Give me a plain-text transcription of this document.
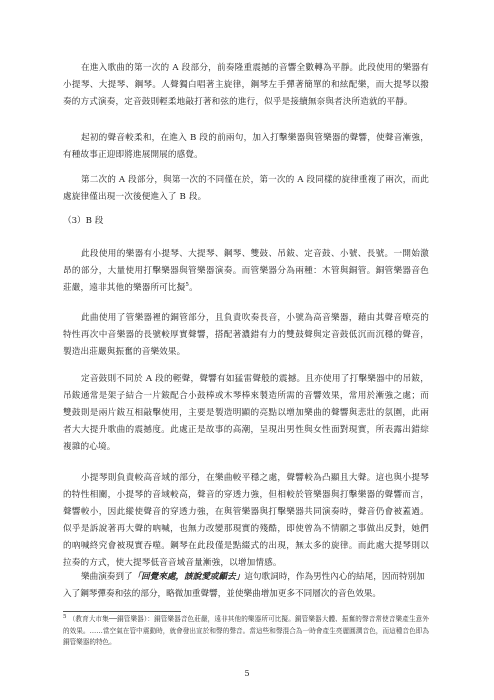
在進入歌曲的第一次的 A 段部分，前奏隆重震撼的音響全數轉為平靜。此段使用的樂器有小提琴、大提琴、鋼琴。人聲獨白唱著主旋律，鋼琴左手彈著簡單的和絃配樂，而大提琴以撥奏的方式演奏，定音鼓則輕柔地敲打著和弦的進行，似乎是接續無奈與者決所造就的平靜。

起初的聲音較柔和，在進入 B 段的前兩句，加入打擊樂器與管樂器的聲響，使聲音漸強，有種故事正迎即將進展開展的感覺。

第二次的 A 段部分，與第一次的不同僅在於，第一次的 A 段同樣的旋律重複了兩次，而此處旋律僅出現一次後便進入了 B 段。

（3）B 段

此段使用的樂器有小提琴、大提琴、鋼琴、雙鼓、吊鈸、定音鼓、小號、長號。一開始激昂的部分，大量使用打擊樂器與管樂器演奏。而管樂器分為兩種：木管與銅管。銅管樂器音色莊嚴，遠非其他的樂器所可比擬$^5$。

此曲使用了管樂器裡的銅管部分，且負責吹奏長音，小號為高音樂器，藉由其聲音嘹亮的特性再次中音樂器的長號較厚實聲響，搭配著濃錯有力的雙鼓聲與定音鼓低沉而沉穩的聲音，製造出莊嚴與振奮的音樂效果。

定音鼓則不同於 A 段的輕聲，聲響有如猛雷聲般的震撼。且亦使用了打擊樂器中的吊鈸，吊鈸通常是架子結合一片鈸配合小鼓棒或木琴棒來製造所需的音響效果，常用於漸強之處；而雙鼓則是兩片鈸互相敲擊使用，主要是製造明顯的亮點以增加樂曲的聲響與悲壯的氛圍，此兩者大大提升歌曲的震撼度。此處正是故事的高潮，呈現出男性與女性面對現實，所表露出錯綜複雜的心境。

小提琴則負責較高音域的部分，在樂曲較平穩之處，聲響較為凸顯且大聲。這也與小提琴的特性相關，小提琴的音域較高，聲音的穿透力強，但相較於管樂器與打擊樂器的聲響而言，聲響較小，因此縱使聲音的穿透力強，在與管樂器與打擊樂器共同演奏時，聲音仍會被蓋過。似乎是訴說著再大聲的吶喊，也無力改變那現實的殘酷，即使曾為不情願之事做出反對，她們的吶喊終究會被現實吞噬。鋼琴在此段僅是點綴式的出現，無太多的旋律。而此處大提琴則以拉奏的方式，使大提琴低音音域音量漸強，以增加情感。

樂曲演奏到了「回覺來處，該說愛或顧去」這句歌詞時，作為男性內心的結尾，因而特別加入了鋼琴彈奏和弦的部分，略微加重聲響，並使樂曲增加更多不同層次的音色效果。

$^5$ （教育大市集──銅管樂器）：銅管樂器音色莊嚴，遠非其他的樂器所可比擬。銅管樂器大體、振奮的聲音常使音樂產生意外的效果。……當空氣在管中震動時，就會發出宣於和聲的聲音。當這些和聲混合為一時會產生亮麗圓潤音色，而這種音色即為銅管樂器的特色。

5
